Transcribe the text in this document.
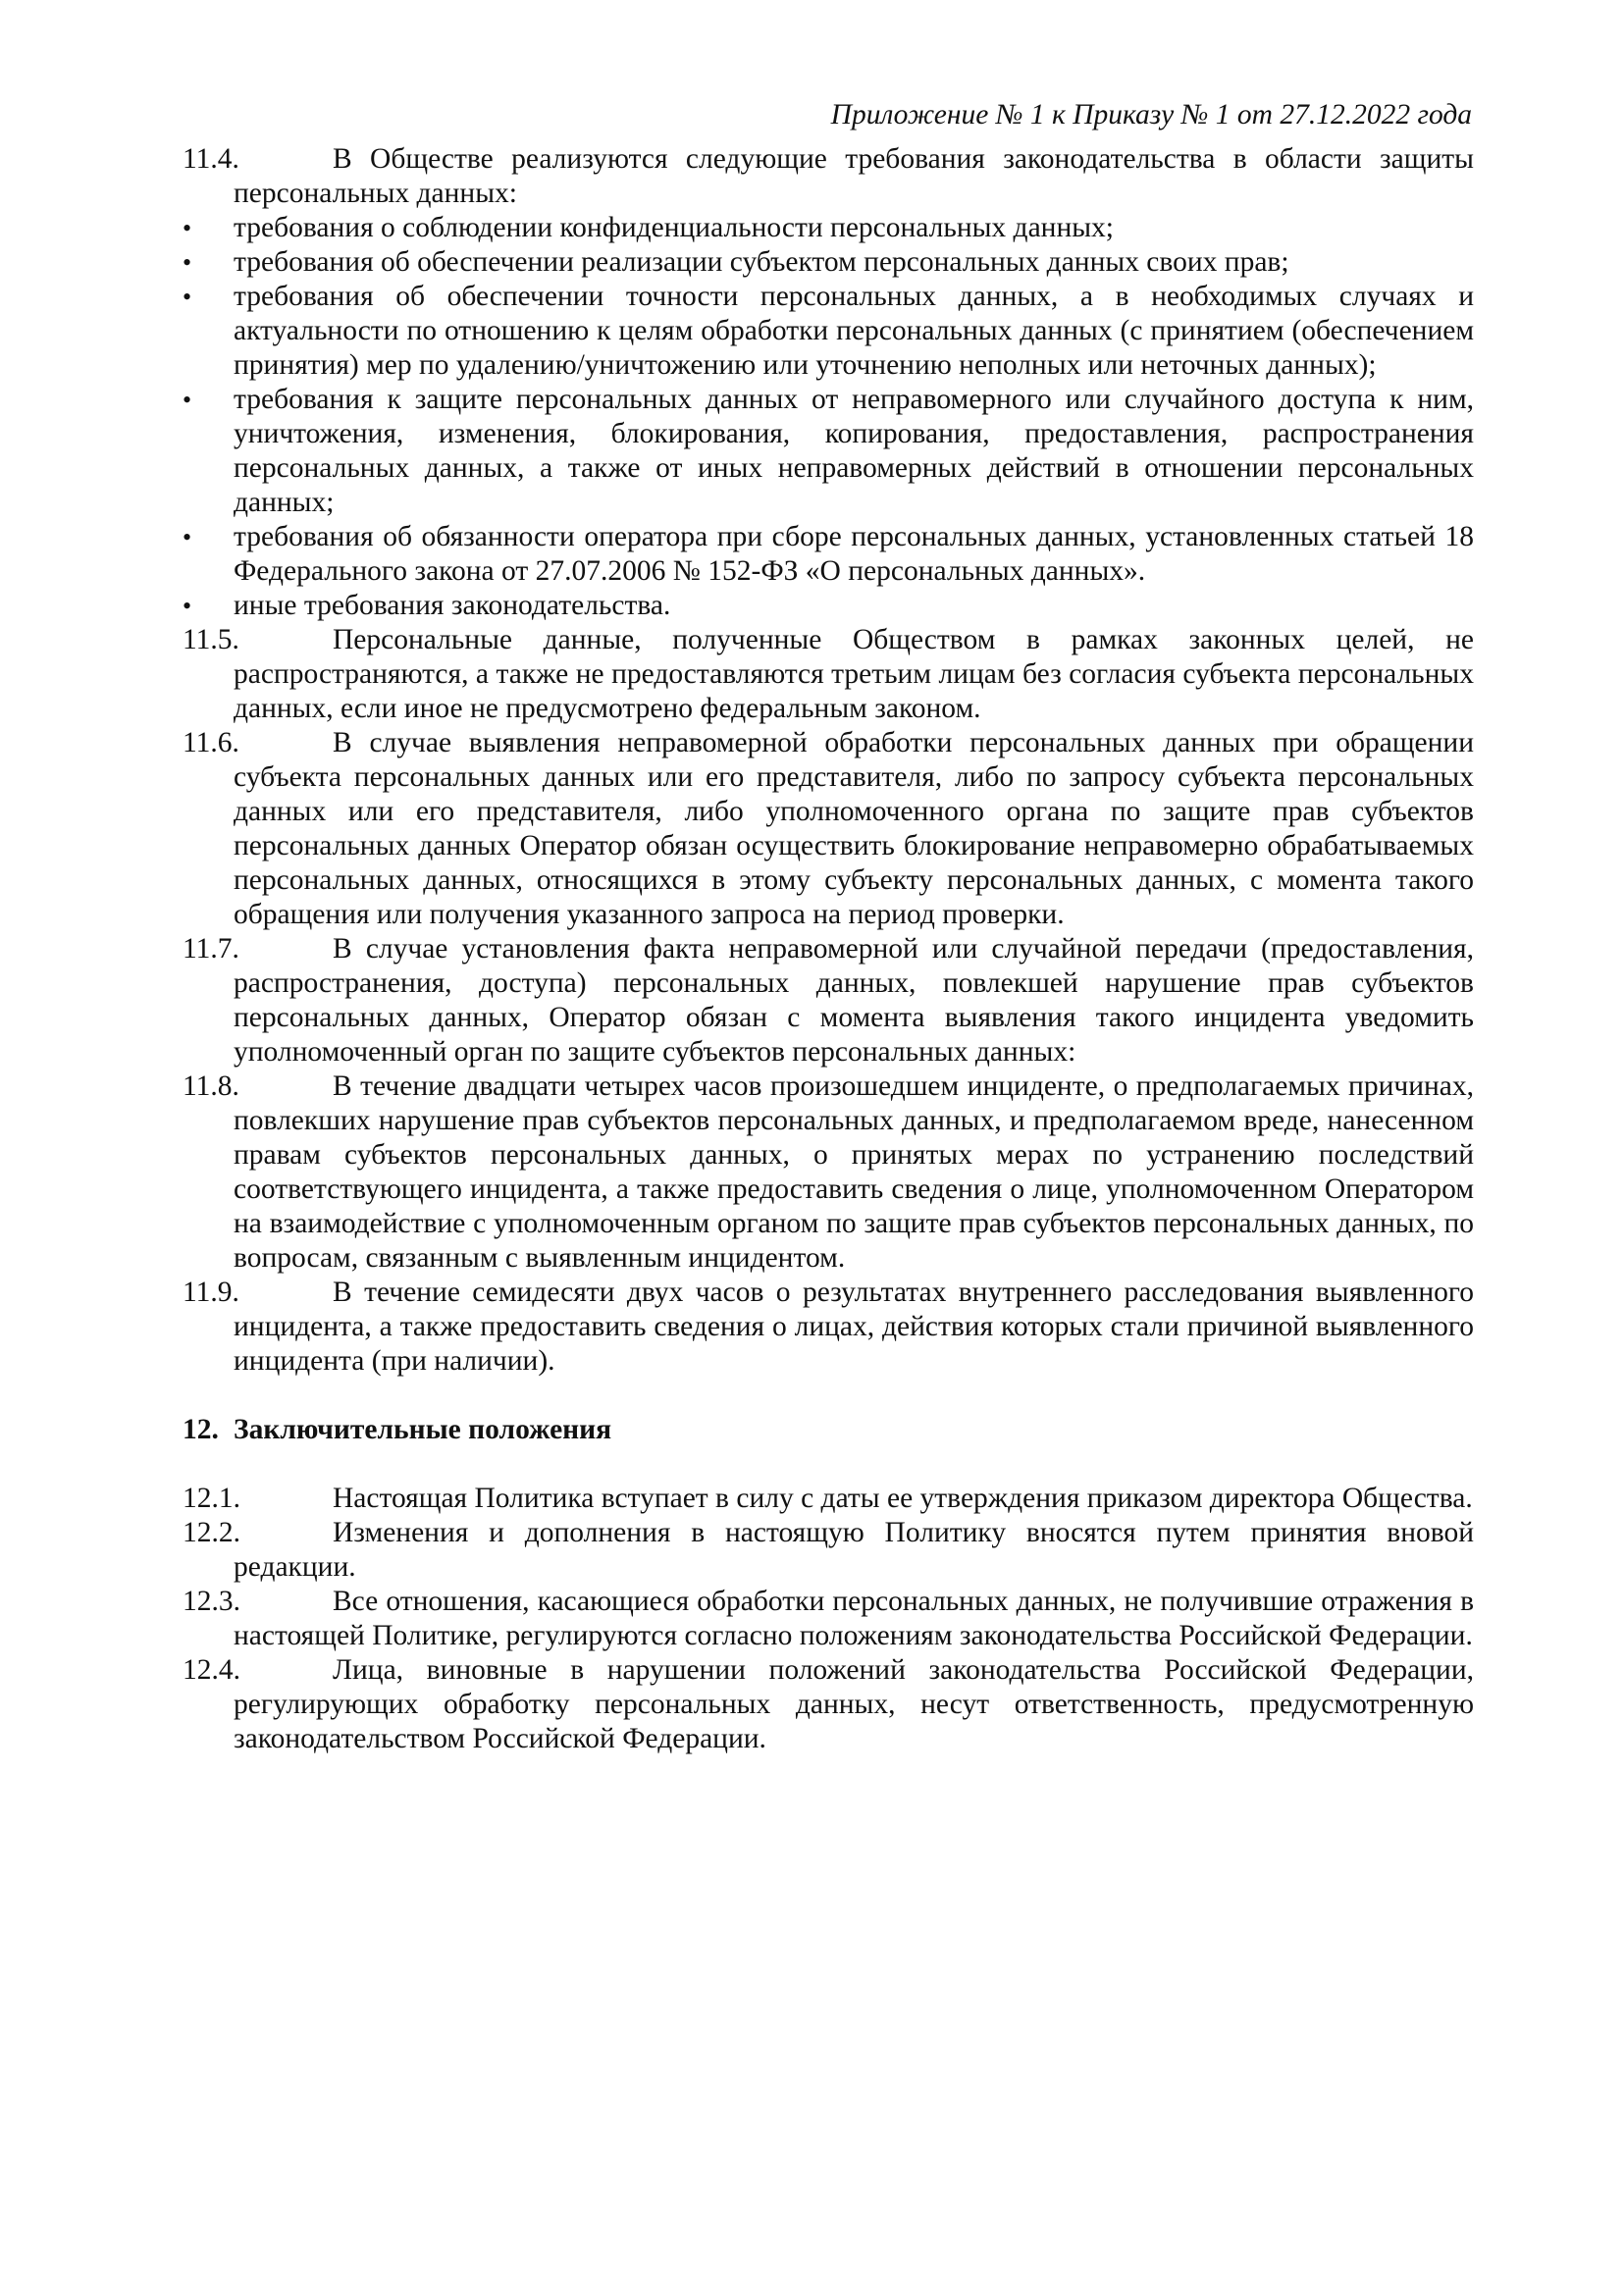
Приложение № 1 к Приказу № 1 от 27.12.2022 года
11.4.	В Обществе реализуются следующие требования законодательства в области защиты персональных данных:
• требования о соблюдении конфиденциальности персональных данных;
• требования об обеспечении реализации субъектом персональных данных своих прав;
• требования об обеспечении точности персональных данных, а в необходимых случаях и актуальности по отношению к целям обработки персональных данных (с принятием (обеспечением принятия) мер по удалению/уничтожению или уточнению неполных или неточных данных);
• требования к защите персональных данных от неправомерного или случайного доступа к ним, уничтожения, изменения, блокирования, копирования, предоставления, распространения персональных данных, а также от иных неправомерных действий в отношении персональных данных;
• требования об обязанности оператора при сборе персональных данных, установленных статьей 18 Федерального закона от 27.07.2006 № 152-ФЗ «О персональных данных».
• иные требования законодательства.
11.5.	Персональные данные, полученные Обществом в рамках законных целей, не распространяются, а также не предоставляются третьим лицам без согласия субъекта персональных данных, если иное не предусмотрено федеральным законом.
11.6.	В случае выявления неправомерной обработки персональных данных при обращении субъекта персональных данных или его представителя, либо по запросу субъекта персональных данных или его представителя, либо уполномоченного органа по защите прав субъектов персональных данных Оператор обязан осуществить блокирование неправомерно обрабатываемых персональных данных, относящихся в этому субъекту персональных данных, с момента такого обращения или получения указанного запроса на период проверки.
11.7.	В случае установления факта неправомерной или случайной передачи (предоставления, распространения, доступа) персональных данных, повлекшей нарушение прав субъектов персональных данных, Оператор обязан с момента выявления такого инцидента уведомить уполномоченный орган по защите субъектов персональных данных:
11.8.	В течение двадцати четырех часов произошедшем инциденте, о предполагаемых причинах, повлекших нарушение прав субъектов персональных данных, и предполагаемом вреде, нанесенном правам субъектов персональных данных, о принятых мерах по устранению последствий соответствующего инцидента, а также предоставить сведения о лице, уполномоченном Оператором на взаимодействие с уполномоченным органом по защите прав субъектов персональных данных, по вопросам, связанным с выявленным инцидентом.
11.9.	В течение семидесяти двух часов о результатах внутреннего расследования выявленного инцидента, а также предоставить сведения о лицах, действия которых стали причиной выявленного инцидента (при наличии).
12. Заключительные положения
12.1.	Настоящая Политика вступает в силу с даты ее утверждения приказом директора Общества.
12.2.	Изменения и дополнения в настоящую Политику вносятся путем принятия вновой редакции.
12.3.	Все отношения, касающиеся обработки персональных данных, не получившие отражения в настоящей Политике, регулируются согласно положениям законодательства Российской Федерации.
12.4.	Лица, виновные в нарушении положений законодательства Российской Федерации, регулирующих обработку персональных данных, несут ответственность, предусмотренную законодательством Российской Федерации.
